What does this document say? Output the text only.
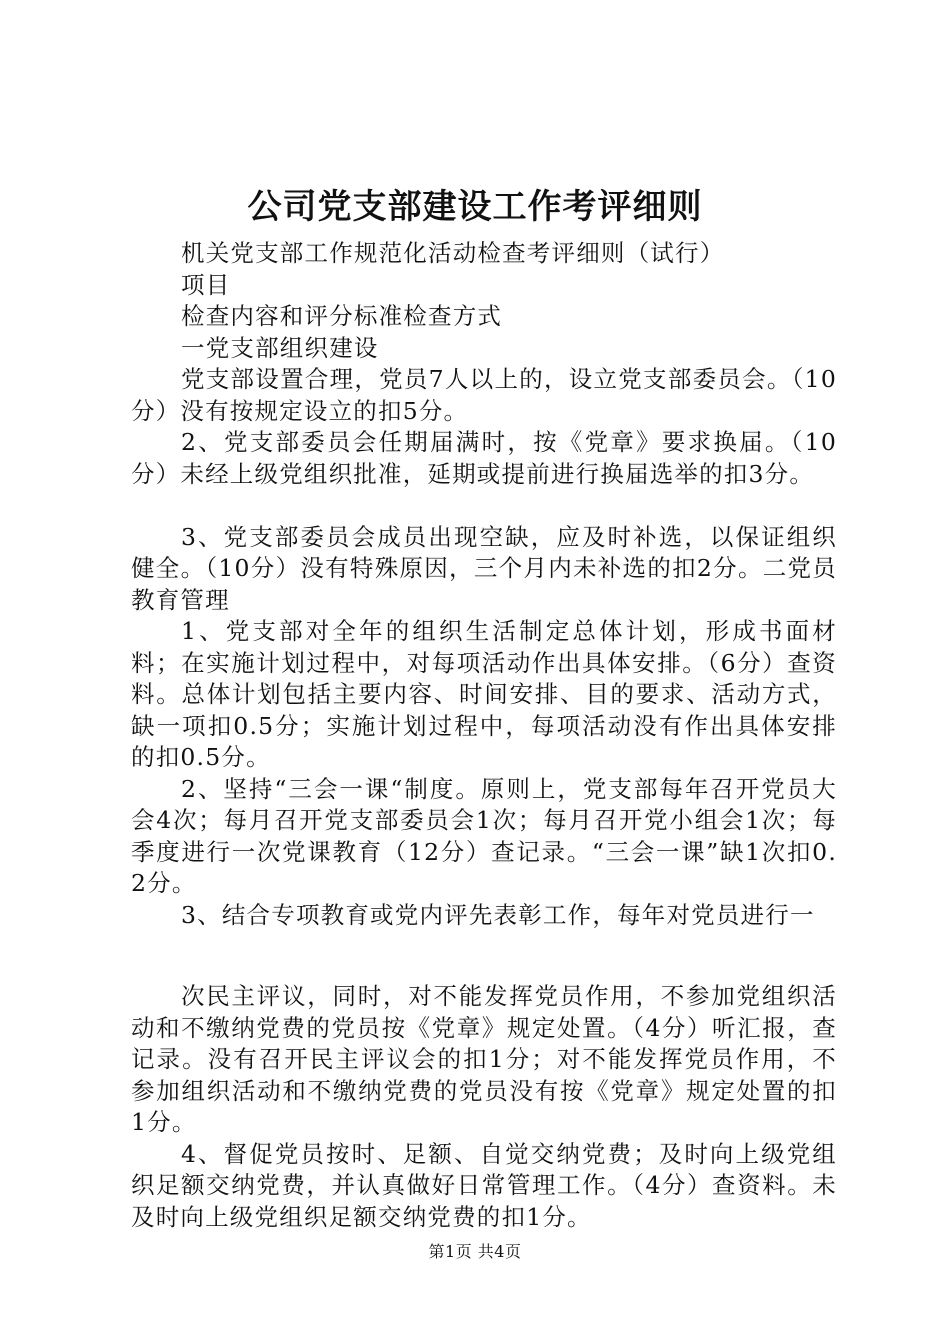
公司党支部建设工作考评细则

机关党支部工作规范化活动检查考评细则（试行）

项目

检查内容和评分标准检查方式

一党支部组织建设

党支部设置合理，党员7人以上的，设立党支部委员会。（10分）没有按规定设立的扣5分。

2、党支部委员会任期届满时，按《党章》要求换届。（10分）未经上级党组织批准，延期或提前进行换届选举的扣3分。

3、党支部委员会成员出现空缺，应及时补选，以保证组织健全。（10分）没有特殊原因，三个月内未补选的扣2分。二党员教育管理

1、党支部对全年的组织生活制定总体计划，形成书面材料；在实施计划过程中，对每项活动作出具体安排。（6分）查资料。总体计划包括主要内容、时间安排、目的要求、活动方式，缺一项扣0.5分；实施计划过程中，每项活动没有作出具体安排的扣0.5分。

2、坚持“三会一课“制度。原则上，党支部每年召开党员大会4次；每月召开党支部委员会1次；每月召开党小组会1次；每季度进行一次党课教育（12分）查记录。“三会一课”缺1次扣0.2分。

3、结合专项教育或党内评先表彰工作，每年对党员进行一

次民主评议，同时，对不能发挥党员作用，不参加党组织活动和不缴纳党费的党员按《党章》规定处置。（4分）听汇报，查记录。没有召开民主评议会的扣1分；对不能发挥党员作用，不参加组织活动和不缴纳党费的党员没有按《党章》规定处置的扣1分。

4、督促党员按时、足额、自觉交纳党费；及时向上级党组织足额交纳党费，并认真做好日常管理工作。（4分）查资料。未及时向上级党组织足额交纳党费的扣1分。

第1页 共4页
